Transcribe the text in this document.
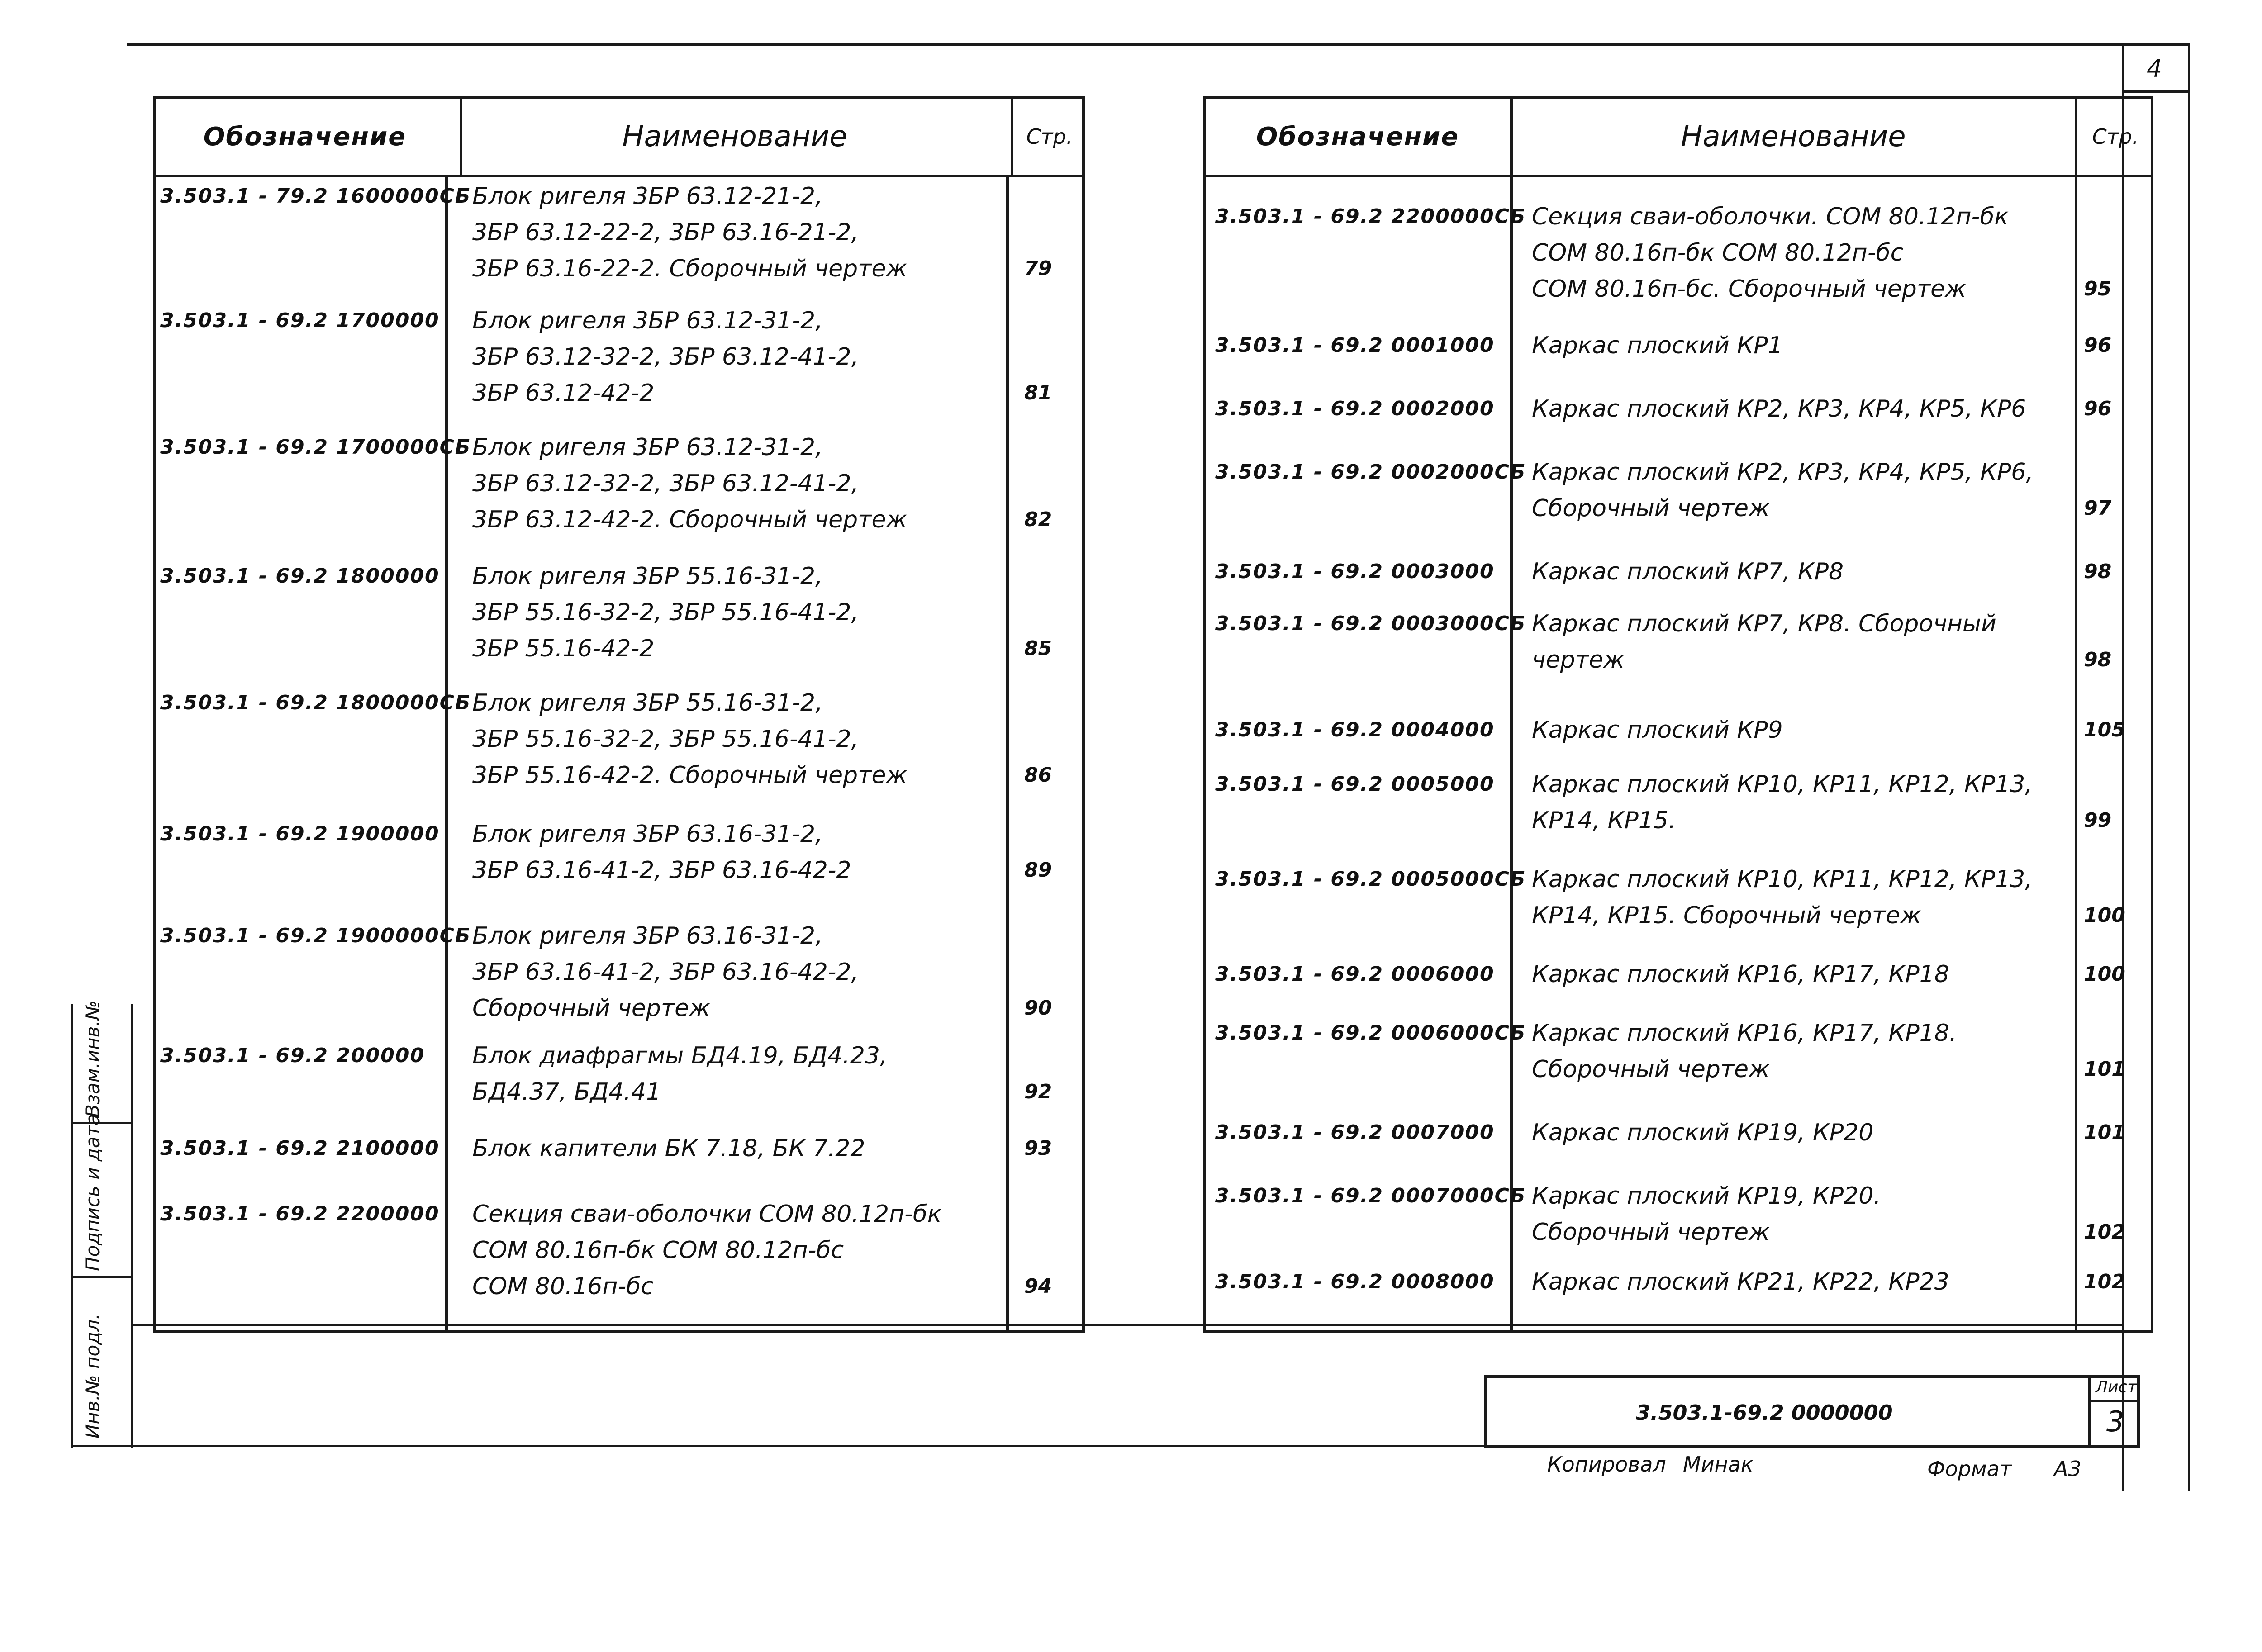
4
Взам.инв.№
Подпись и дата
Инв.№ подл.
Обозначение	Наименование	Стр.
3.503.1 - 79.2 1600000СБ Блок ригеля 3БР 63.12-21-2,
3БР 63.12-22-2, 3БР 63.16-21-2,
3БР 63.16-22-2. Сборочный чертеж	79
3.503.1 - 69.2 1700000 Блок ригеля 3БР 63.12-31-2,
3БР 63.12-32-2, 3БР 63.12-41-2,
3БР 63.12-42-2	81
3.503.1 - 69.2 1700000СБ Блок ригеля 3БР 63.12-31-2,
3БР 63.12-32-2, 3БР 63.12-41-2,
3БР 63.12-42-2. Сборочный чертеж	82
3.503.1 - 69.2 1800000 Блок ригеля 3БР 55.16-31-2,
3БР 55.16-32-2, 3БР 55.16-41-2,
3БР 55.16-42-2	85
3.503.1 - 69.2 1800000СБ Блок ригеля 3БР 55.16-31-2,
3БР 55.16-32-2, 3БР 55.16-41-2,
3БР 55.16-42-2. Сборочный чертеж	86
3.503.1 - 69.2 1900000 Блок ригеля 3БР 63.16-31-2,
3БР 63.16-41-2, 3БР 63.16-42-2	89
3.503.1 - 69.2 1900000СБ Блок ригеля 3БР 63.16-31-2,
3БР 63.16-41-2, 3БР 63.16-42-2,
Сборочный чертеж	90
3.503.1 - 69.2 200000 Блок диафрагмы БД4.19, БД4.23,
БД4.37, БД4.41	92
3.503.1 - 69.2 2100000 Блок капители БК 7.18, БК 7.22	93
3.503.1 - 69.2 2200000 Секция сваи-оболочки СОМ 80.12п-бк
СОМ 80.16п-бк СОМ 80.12п-бс
СОМ 80.16п-бс	94
Обозначение	Наименование	Стр.
3.503.1 - 69.2 2200000СБ Секция сваи-оболочки. СОМ 80.12п-бк
СОМ 80.16п-бк СОМ 80.12п-бс
СОМ 80.16п-бс. Сборочный чертеж	95
3.503.1 - 69.2 0001000 Каркас плоский КР1	96
3.503.1 - 69.2 0002000 Каркас плоский КР2, КР3, КР4, КР5, КР6	96
3.503.1 - 69.2 0002000СБ Каркас плоский КР2, КР3, КР4, КР5, КР6,
Сборочный чертеж	97
3.503.1 - 69.2 0003000 Каркас плоский КР7, КР8	98
3.503.1 - 69.2 0003000СБ Каркас плоский КР7, КР8. Сборочный
чертеж	98
3.503.1 - 69.2 0004000 Каркас плоский КР9	105
3.503.1 - 69.2 0005000 Каркас плоский КР10, КР11, КР12, КР13,
КР14, КР15.	99
3.503.1 - 69.2 0005000СБ Каркас плоский КР10, КР11, КР12, КР13,
КР14, КР15. Сборочный чертеж	100
3.503.1 - 69.2 0006000 Каркас плоский КР16, КР17, КР18	100
3.503.1 - 69.2 0006000СБ Каркас плоский КР16, КР17, КР18.
Сборочный чертеж	101
3.503.1 - 69.2 0007000 Каркас плоский КР19, КР20	101
3.503.1 - 69.2 0007000СБ Каркас плоский КР19, КР20.
Сборочный чертеж	102
3.503.1 - 69.2 0008000 Каркас плоский КР21, КР22, КР23	102
3.503.1-69.2 0000000
Лист
3
Копировал Минак	Формат А3
